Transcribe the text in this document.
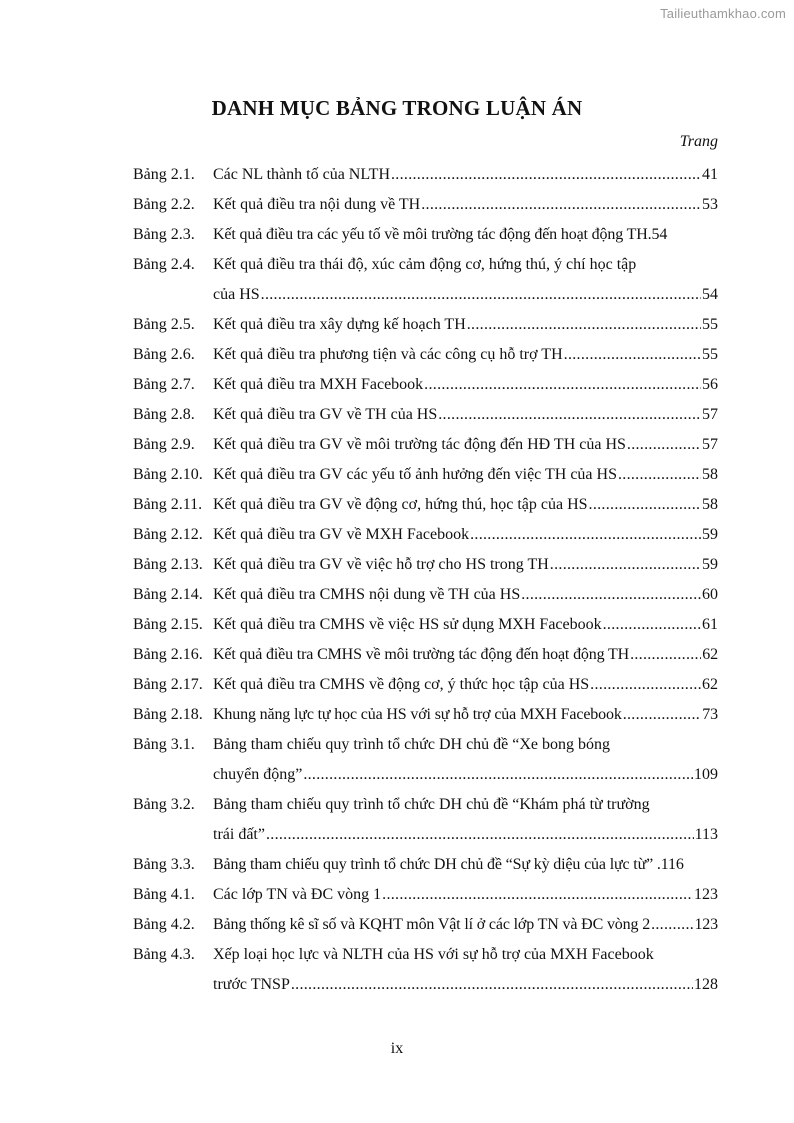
Tailieuthamkhao.com
DANH MỤC BẢNG TRONG LUẬN ÁN
Trang
Bảng 2.1.	Các NL thành tố của NLTH .....	41
Bảng 2.2.	Kết quả điều tra nội dung về TH .....	53
Bảng 2.3.	Kết quả điều tra các yếu tố về môi trường tác động đến hoạt động TH . 54
Bảng 2.4.	Kết quả điều tra thái độ, xúc cảm động cơ, hứng thú, ý chí học tập
của HS .....	54
Bảng 2.5.	Kết quả điều tra xây dựng kế hoạch TH .....	55
Bảng 2.6.	Kết quả điều tra phương tiện và các công cụ hỗ trợ TH .....	55
Bảng 2.7.	Kết quả điều tra MXH Facebook .....	56
Bảng 2.8.	Kết quả điều tra GV về TH của HS .....	57
Bảng 2.9.	Kết quả điều tra GV về môi trường tác động đến HĐ TH của HS .....	57
Bảng 2.10. Kết quả điều tra GV các yếu tố ảnh hưởng đến việc TH của HS .....	58
Bảng 2.11. Kết quả điều tra GV về động cơ, hứng thú, học tập của HS .....	58
Bảng 2.12. Kết quả điều tra GV về MXH Facebook .....	59
Bảng 2.13. Kết quả điều tra GV về việc hỗ trợ cho HS trong TH .....	59
Bảng 2.14. Kết quả điều tra CMHS nội dung về TH của HS .....	60
Bảng 2.15. Kết quả điều tra CMHS về việc HS sử dụng MXH Facebook .....	61
Bảng 2.16. Kết quả điều tra CMHS về môi trường tác động đến hoạt động TH .....	62
Bảng 2.17. Kết quả điều tra CMHS về động cơ, ý thức học tập của HS .....	62
Bảng 2.18. Khung năng lực tự học của HS với sự hỗ trợ của MXH Facebook .....	73
Bảng 3.1.	Bảng tham chiếu quy trình tổ chức DH chủ đề “Xe bong bóng
chuyển động” .....	109
Bảng 3.2.	Bảng tham chiếu quy trình tổ chức DH chủ đề “Khám phá từ trường
trái đất” .....	113
Bảng 3.3.	Bảng tham chiếu quy trình tổ chức DH chủ đề “Sự kỳ diệu của lực từ” . 116
Bảng 4.1.	Các lớp TN và ĐC vòng 1 .....	123
Bảng 4.2.	Bảng thống kê sĩ số và KQHT môn Vật lí ở các lớp TN và ĐC vòng 2 .....	123
Bảng 4.3.	Xếp loại học lực và NLTH của HS với sự hỗ trợ của MXH Facebook
trước TNSP .....	128
ix
